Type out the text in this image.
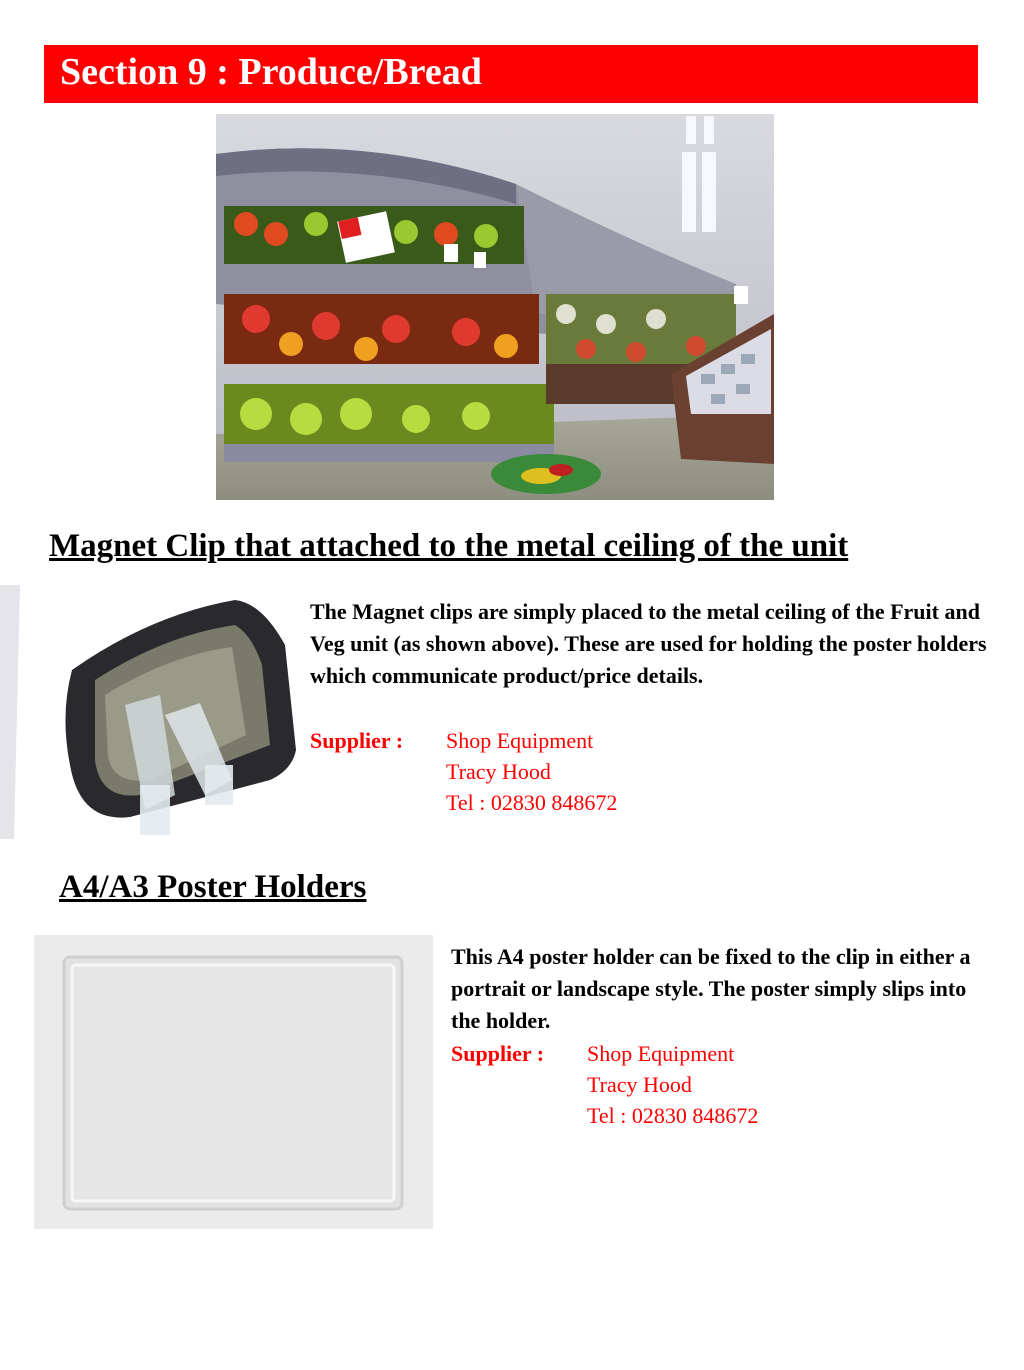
Section 9 : Produce/Bread
Magnet Clip that attached to the metal ceiling of the unit
The Magnet clips are simply placed to the metal ceiling of the Fruit and Veg unit (as shown above). These are used for holding the poster holders which communicate product/price details.
Supplier : Shop Equipment
Tracy Hood
Tel : 02830 848672
A4/A3 Poster Holders
This A4 poster holder can be fixed to the clip in either a portrait or landscape style. The poster simply slips into the holder.
Supplier : Shop Equipment
Tracy Hood
Tel : 02830 848672
